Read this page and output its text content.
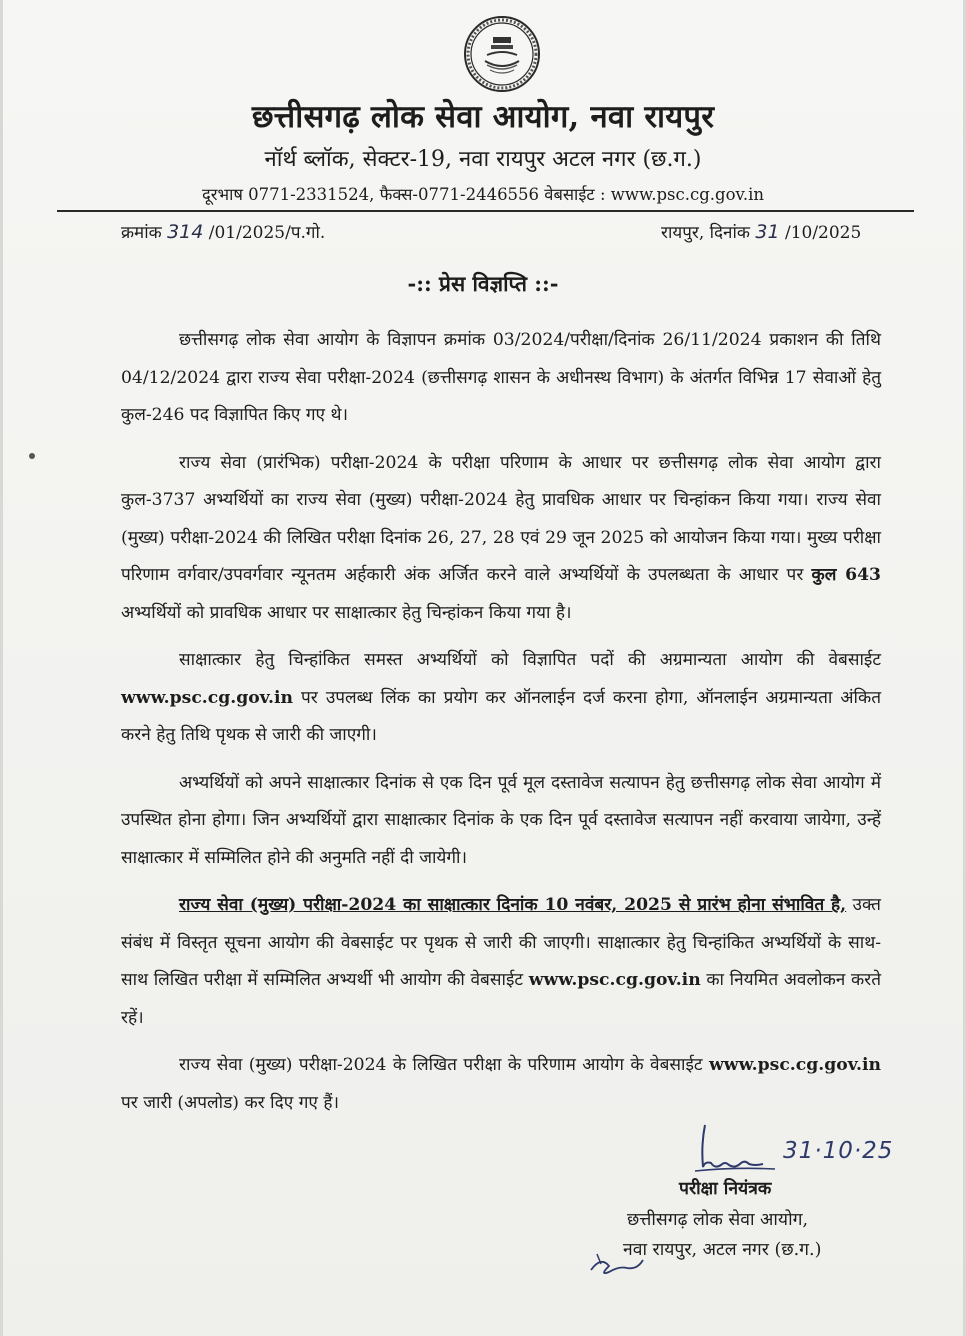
छत्तीसगढ़ लोक सेवा आयोग, नवा रायपुर
नॉर्थ ब्लॉक, सेक्टर-19, नवा रायपुर अटल नगर (छ.ग.)
दूरभाष 0771-2331524, फैक्स-0771-2446556 वेबसाईट : www.psc.cg.gov.in
क्रमांक 314 /01/2025/प.गो.	रायपुर, दिनांक 31 /10/2025
-:: प्रेस विज्ञप्ति ::-

छत्तीसगढ़ लोक सेवा आयोग के विज्ञापन क्रमांक 03/2024/परीक्षा/दिनांक 26/11/2024 प्रकाशन की तिथि 04/12/2024 द्वारा राज्य सेवा परीक्षा-2024 (छत्तीसगढ़ शासन के अधीनस्थ विभाग) के अंतर्गत विभिन्न 17 सेवाओं हेतु कुल-246 पद विज्ञापित किए गए थे।

राज्य सेवा (प्रारंभिक) परीक्षा-2024 के परीक्षा परिणाम के आधार पर छत्तीसगढ़ लोक सेवा आयोग द्वारा कुल-3737 अभ्यर्थियों का राज्य सेवा (मुख्य) परीक्षा-2024 हेतु प्रावधिक आधार पर चिन्हांकन किया गया। राज्य सेवा (मुख्य) परीक्षा-2024 की लिखित परीक्षा दिनांक 26, 27, 28 एवं 29 जून 2025 को आयोजन किया गया। मुख्य परीक्षा परिणाम वर्गवार/उपवर्गवार न्यूनतम अर्हकारी अंक अर्जित करने वाले अभ्यर्थियों के उपलब्धता के आधार पर कुल 643 अभ्यर्थियों को प्रावधिक आधार पर साक्षात्कार हेतु चिन्हांकन किया गया है।

साक्षात्कार हेतु चिन्हांकित समस्त अभ्यर्थियों को विज्ञापित पदों की अग्रमान्यता आयोग की वेबसाईट www.psc.cg.gov.in पर उपलब्ध लिंक का प्रयोग कर ऑनलाईन दर्ज करना होगा, ऑनलाईन अग्रमान्यता अंकित करने हेतु तिथि पृथक से जारी की जाएगी।

अभ्यर्थियों को अपने साक्षात्कार दिनांक से एक दिन पूर्व मूल दस्तावेज सत्यापन हेतु छत्तीसगढ़ लोक सेवा आयोग में उपस्थित होना होगा। जिन अभ्यर्थियों द्वारा साक्षात्कार दिनांक के एक दिन पूर्व दस्तावेज सत्यापन नहीं करवाया जायेगा, उन्हें साक्षात्कार में सम्मिलित होने की अनुमति नहीं दी जायेगी।

राज्य सेवा (मुख्य) परीक्षा-2024 का साक्षात्कार दिनांक 10 नवंबर, 2025 से प्रारंभ होना संभावित है, उक्त संबंध में विस्तृत सूचना आयोग की वेबसाईट पर पृथक से जारी की जाएगी। साक्षात्कार हेतु चिन्हांकित अभ्यर्थियों के साथ-साथ लिखित परीक्षा में सम्मिलित अभ्यर्थी भी आयोग की वेबसाईट www.psc.cg.gov.in का नियमित अवलोकन करते रहें।

राज्य सेवा (मुख्य) परीक्षा-2024 के लिखित परीक्षा के परिणाम आयोग के वेबसाईट www.psc.cg.gov.in पर जारी (अपलोड) कर दिए गए हैं।

31·10·25
परीक्षा नियंत्रक
छत्तीसगढ़ लोक सेवा आयोग,
नवा रायपुर, अटल नगर (छ.ग.)
